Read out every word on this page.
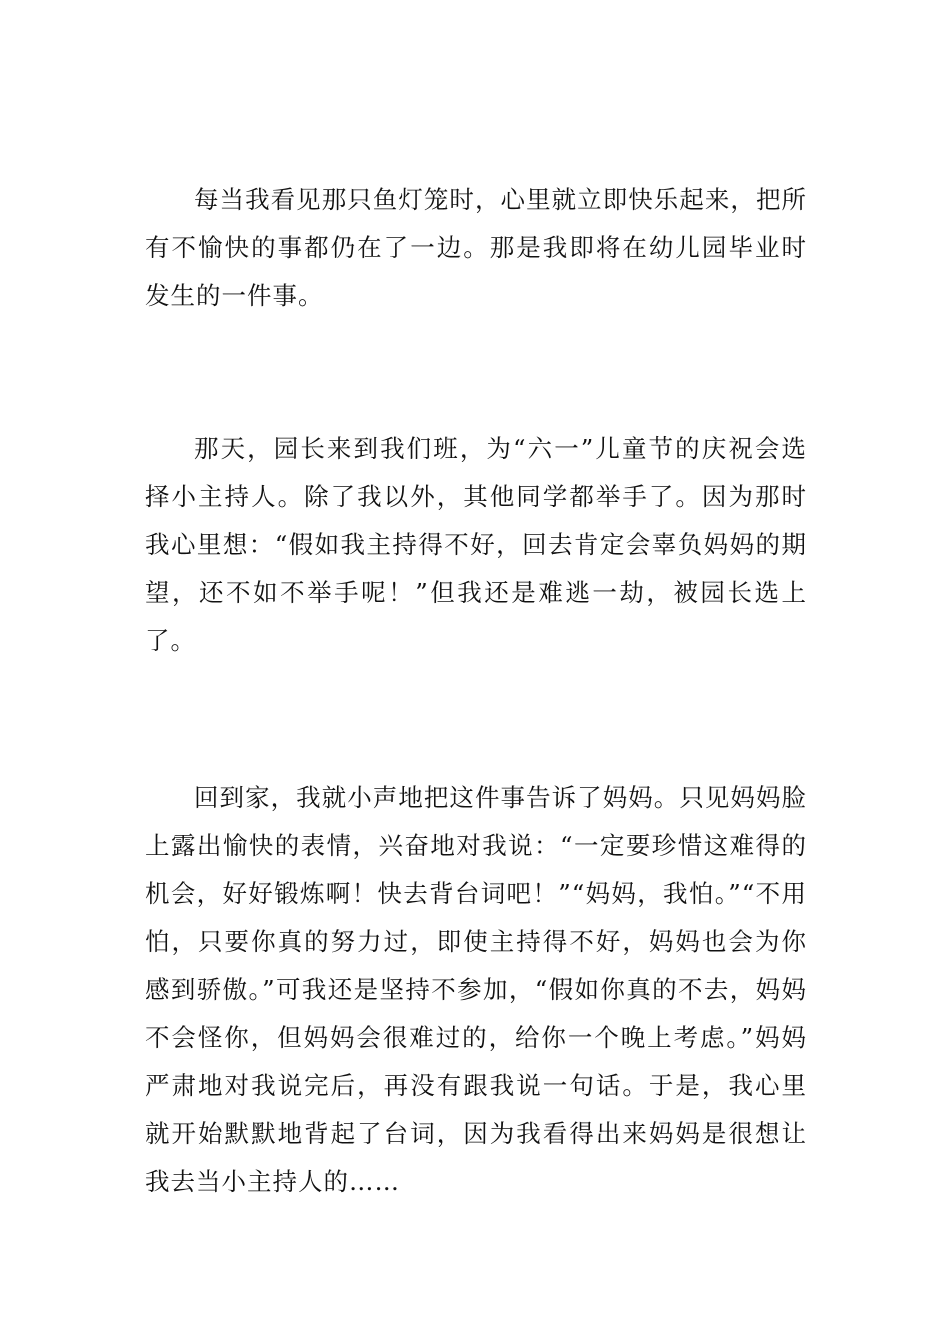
每当我看见那只鱼灯笼时，心里就立即快乐起来，把所有不愉快的事都仍在了一边。那是我即将在幼儿园毕业时发生的一件事。

那天，园长来到我们班，为“六一”儿童节的庆祝会选择小主持人。除了我以外，其他同学都举手了。因为那时我心里想：“假如我主持得不好，回去肯定会辜负妈妈的期望，还不如不举手呢！”但我还是难逃一劫，被园长选上了。

回到家，我就小声地把这件事告诉了妈妈。只见妈妈脸上露出愉快的表情，兴奋地对我说：“一定要珍惜这难得的机会，好好锻炼啊！快去背台词吧！”“妈妈，我怕。”“不用怕，只要你真的努力过，即使主持得不好，妈妈也会为你感到骄傲。”可我还是坚持不参加，“假如你真的不去，妈妈不会怪你，但妈妈会很难过的，给你一个晚上考虑。”妈妈严肃地对我说完后，再没有跟我说一句话。于是，我心里就开始默默地背起了台词，因为我看得出来妈妈是很想让我去当小主持人的……
